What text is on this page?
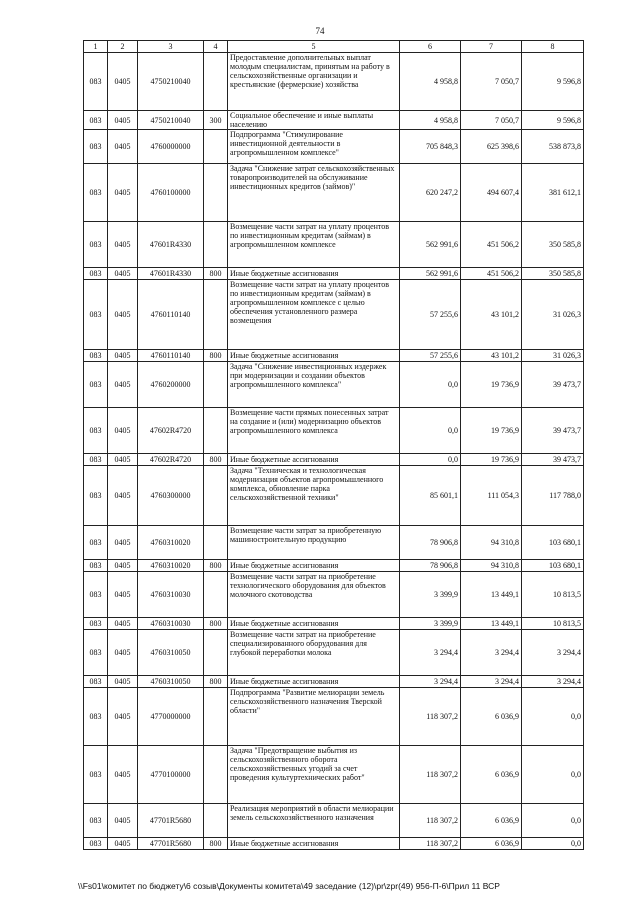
74
1	2	3	4	5	6	7	8
083	0405	4750210040		Предоставление дополнительных выплат молодым специалистам, принятым на работу в сельскохозяйственные организации и крестьянские (фермерские) хозяйства	4 958,8	7 050,7	9 596,8
083	0405	4750210040	300	Социальное обеспечение и иные выплаты населению	4 958,8	7 050,7	9 596,8
083	0405	4760000000		Подпрограмма "Стимулирование инвестиционной деятельности в агропромышленном комплексе"	705 848,3	625 398,6	538 873,8
083	0405	4760100000		Задача "Снижение затрат сельскохозяйственных товаропроизводителей на обслуживание инвестиционных кредитов (займов)"	620 247,2	494 607,4	381 612,1
083	0405	47601R4330		Возмещение части затрат на уплату процентов по инвестиционным кредитам (займам) в агропромышленном комплексе	562 991,6	451 506,2	350 585,8
083	0405	47601R4330	800	Иные бюджетные ассигнования	562 991,6	451 506,2	350 585,8
083	0405	4760110140		Возмещение части затрат на уплату процентов по инвестиционным кредитам (займам) в агропромышленном комплексе с целью обеспечения установленного размера возмещения	57 255,6	43 101,2	31 026,3
083	0405	4760110140	800	Иные бюджетные ассигнования	57 255,6	43 101,2	31 026,3
083	0405	4760200000		Задача "Снижение инвестиционных издержек при модернизации и создании объектов агропромышленного комплекса"	0,0	19 736,9	39 473,7
083	0405	47602R4720		Возмещение части прямых понесенных затрат на создание и (или) модернизацию объектов агропромышленного комплекса	0,0	19 736,9	39 473,7
083	0405	47602R4720	800	Иные бюджетные ассигнования	0,0	19 736,9	39 473,7
083	0405	4760300000		Задача "Техническая и технологическая модернизация объектов агропромышленного комплекса, обновление парка сельскохозяйственной техники"	85 601,1	111 054,3	117 788,0
083	0405	4760310020		Возмещение части затрат за приобретенную машиностроительную продукцию	78 906,8	94 310,8	103 680,1
083	0405	4760310020	800	Иные бюджетные ассигнования	78 906,8	94 310,8	103 680,1
083	0405	4760310030		Возмещение части затрат на приобретение технологического оборудования для объектов молочного скотоводства	3 399,9	13 449,1	10 813,5
083	0405	4760310030	800	Иные бюджетные ассигнования	3 399,9	13 449,1	10 813,5
083	0405	4760310050		Возмещение части затрат на приобретение специализированного оборудования для глубокой переработки молока	3 294,4	3 294,4	3 294,4
083	0405	4760310050	800	Иные бюджетные ассигнования	3 294,4	3 294,4	3 294,4
083	0405	4770000000		Подпрограмма "Развитие мелиорации земель сельскохозяйственного назначения Тверской области"	118 307,2	6 036,9	0,0
083	0405	4770100000		Задача "Предотвращение выбытия из сельскохозяйственного оборота сельскохозяйственных угодий за счет проведения культуртехнических работ"	118 307,2	6 036,9	0,0
083	0405	47701R5680		Реализация мероприятий в области мелиорации земель сельскохозяйственного назначения	118 307,2	6 036,9	0,0
083	0405	47701R5680	800	Иные бюджетные ассигнования	118 307,2	6 036,9	0,0
\\Fs01\комитет по бюджету\6 созыв\Документы комитета\49 заседание (12)\pr\zpr(49) 956-П-6\Прил 11 ВСР
